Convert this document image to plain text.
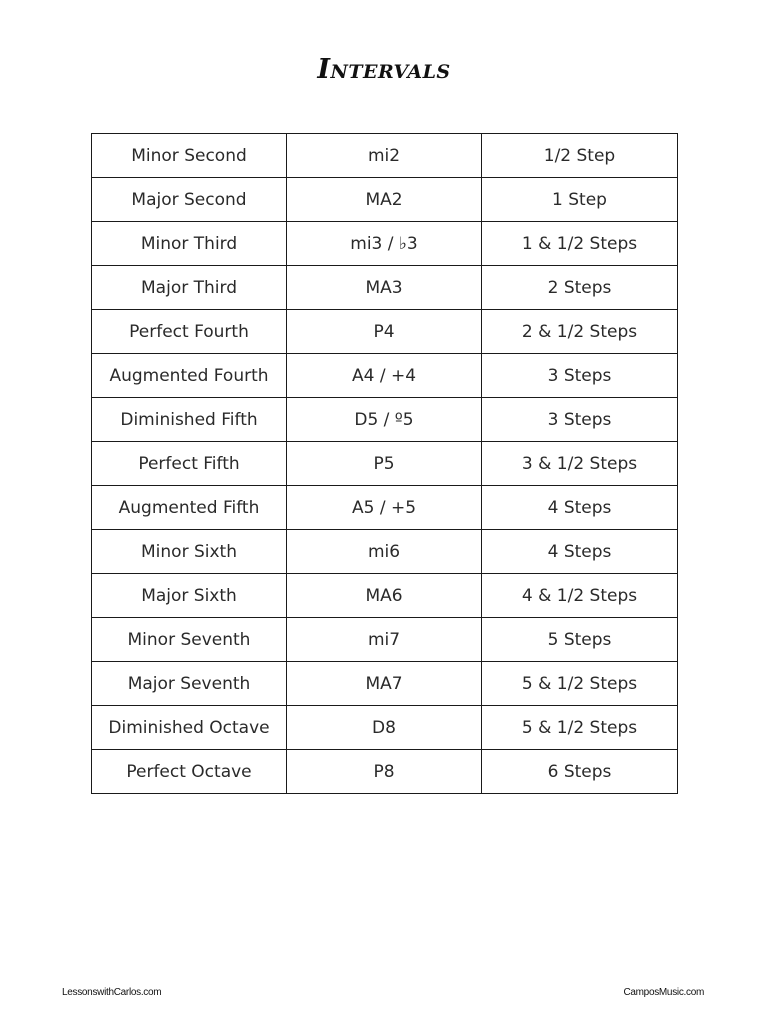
Intervals
Minor Second	mi2	1/2 Step
Major Second	MA2	1 Step
Minor Third	mi3 / ♭3	1 & 1/2 Steps
Major Third	MA3	2 Steps
Perfect Fourth	P4	2 & 1/2 Steps
Augmented Fourth	A4 / +4	3 Steps
Diminished Fifth	D5 / º5	3 Steps
Perfect Fifth	P5	3 & 1/2 Steps
Augmented Fifth	A5 / +5	4 Steps
Minor Sixth	mi6	4 Steps
Major Sixth	MA6	4 & 1/2 Steps
Minor Seventh	mi7	5 Steps
Major Seventh	MA7	5 & 1/2 Steps
Diminished Octave	D8	5 & 1/2 Steps
Perfect Octave	P8	6 Steps
LessonswithCarlos.com	CamposMusic.com
